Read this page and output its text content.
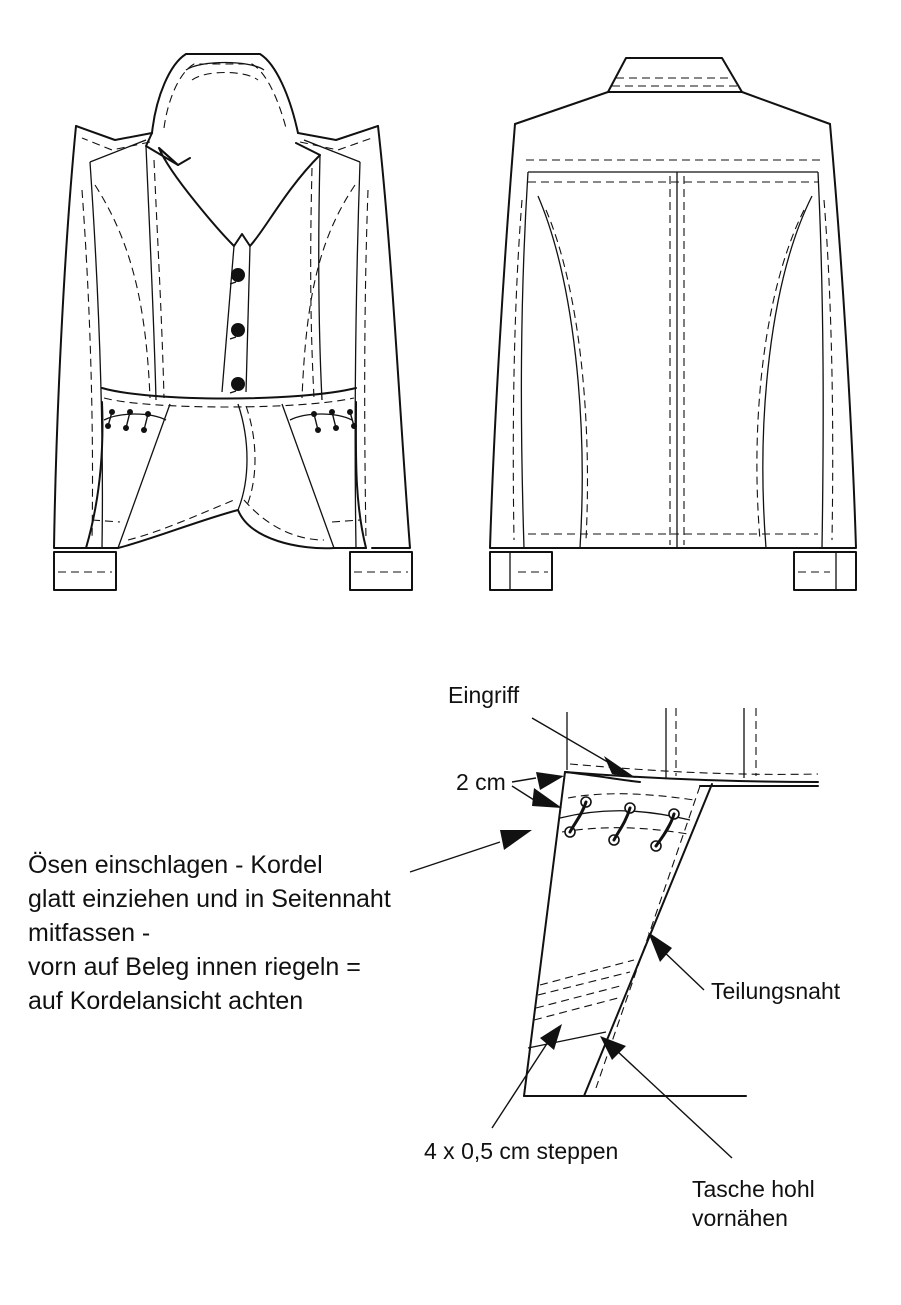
Eingriff
2 cm
Teilungsnaht
4 x 0,5 cm steppen
Tasche hohl
vornähen
Ösen einschlagen - Kordel
glatt einziehen und in Seitennaht
mitfassen -
vorn auf Beleg innen riegeln =
auf Kordelansicht achten
